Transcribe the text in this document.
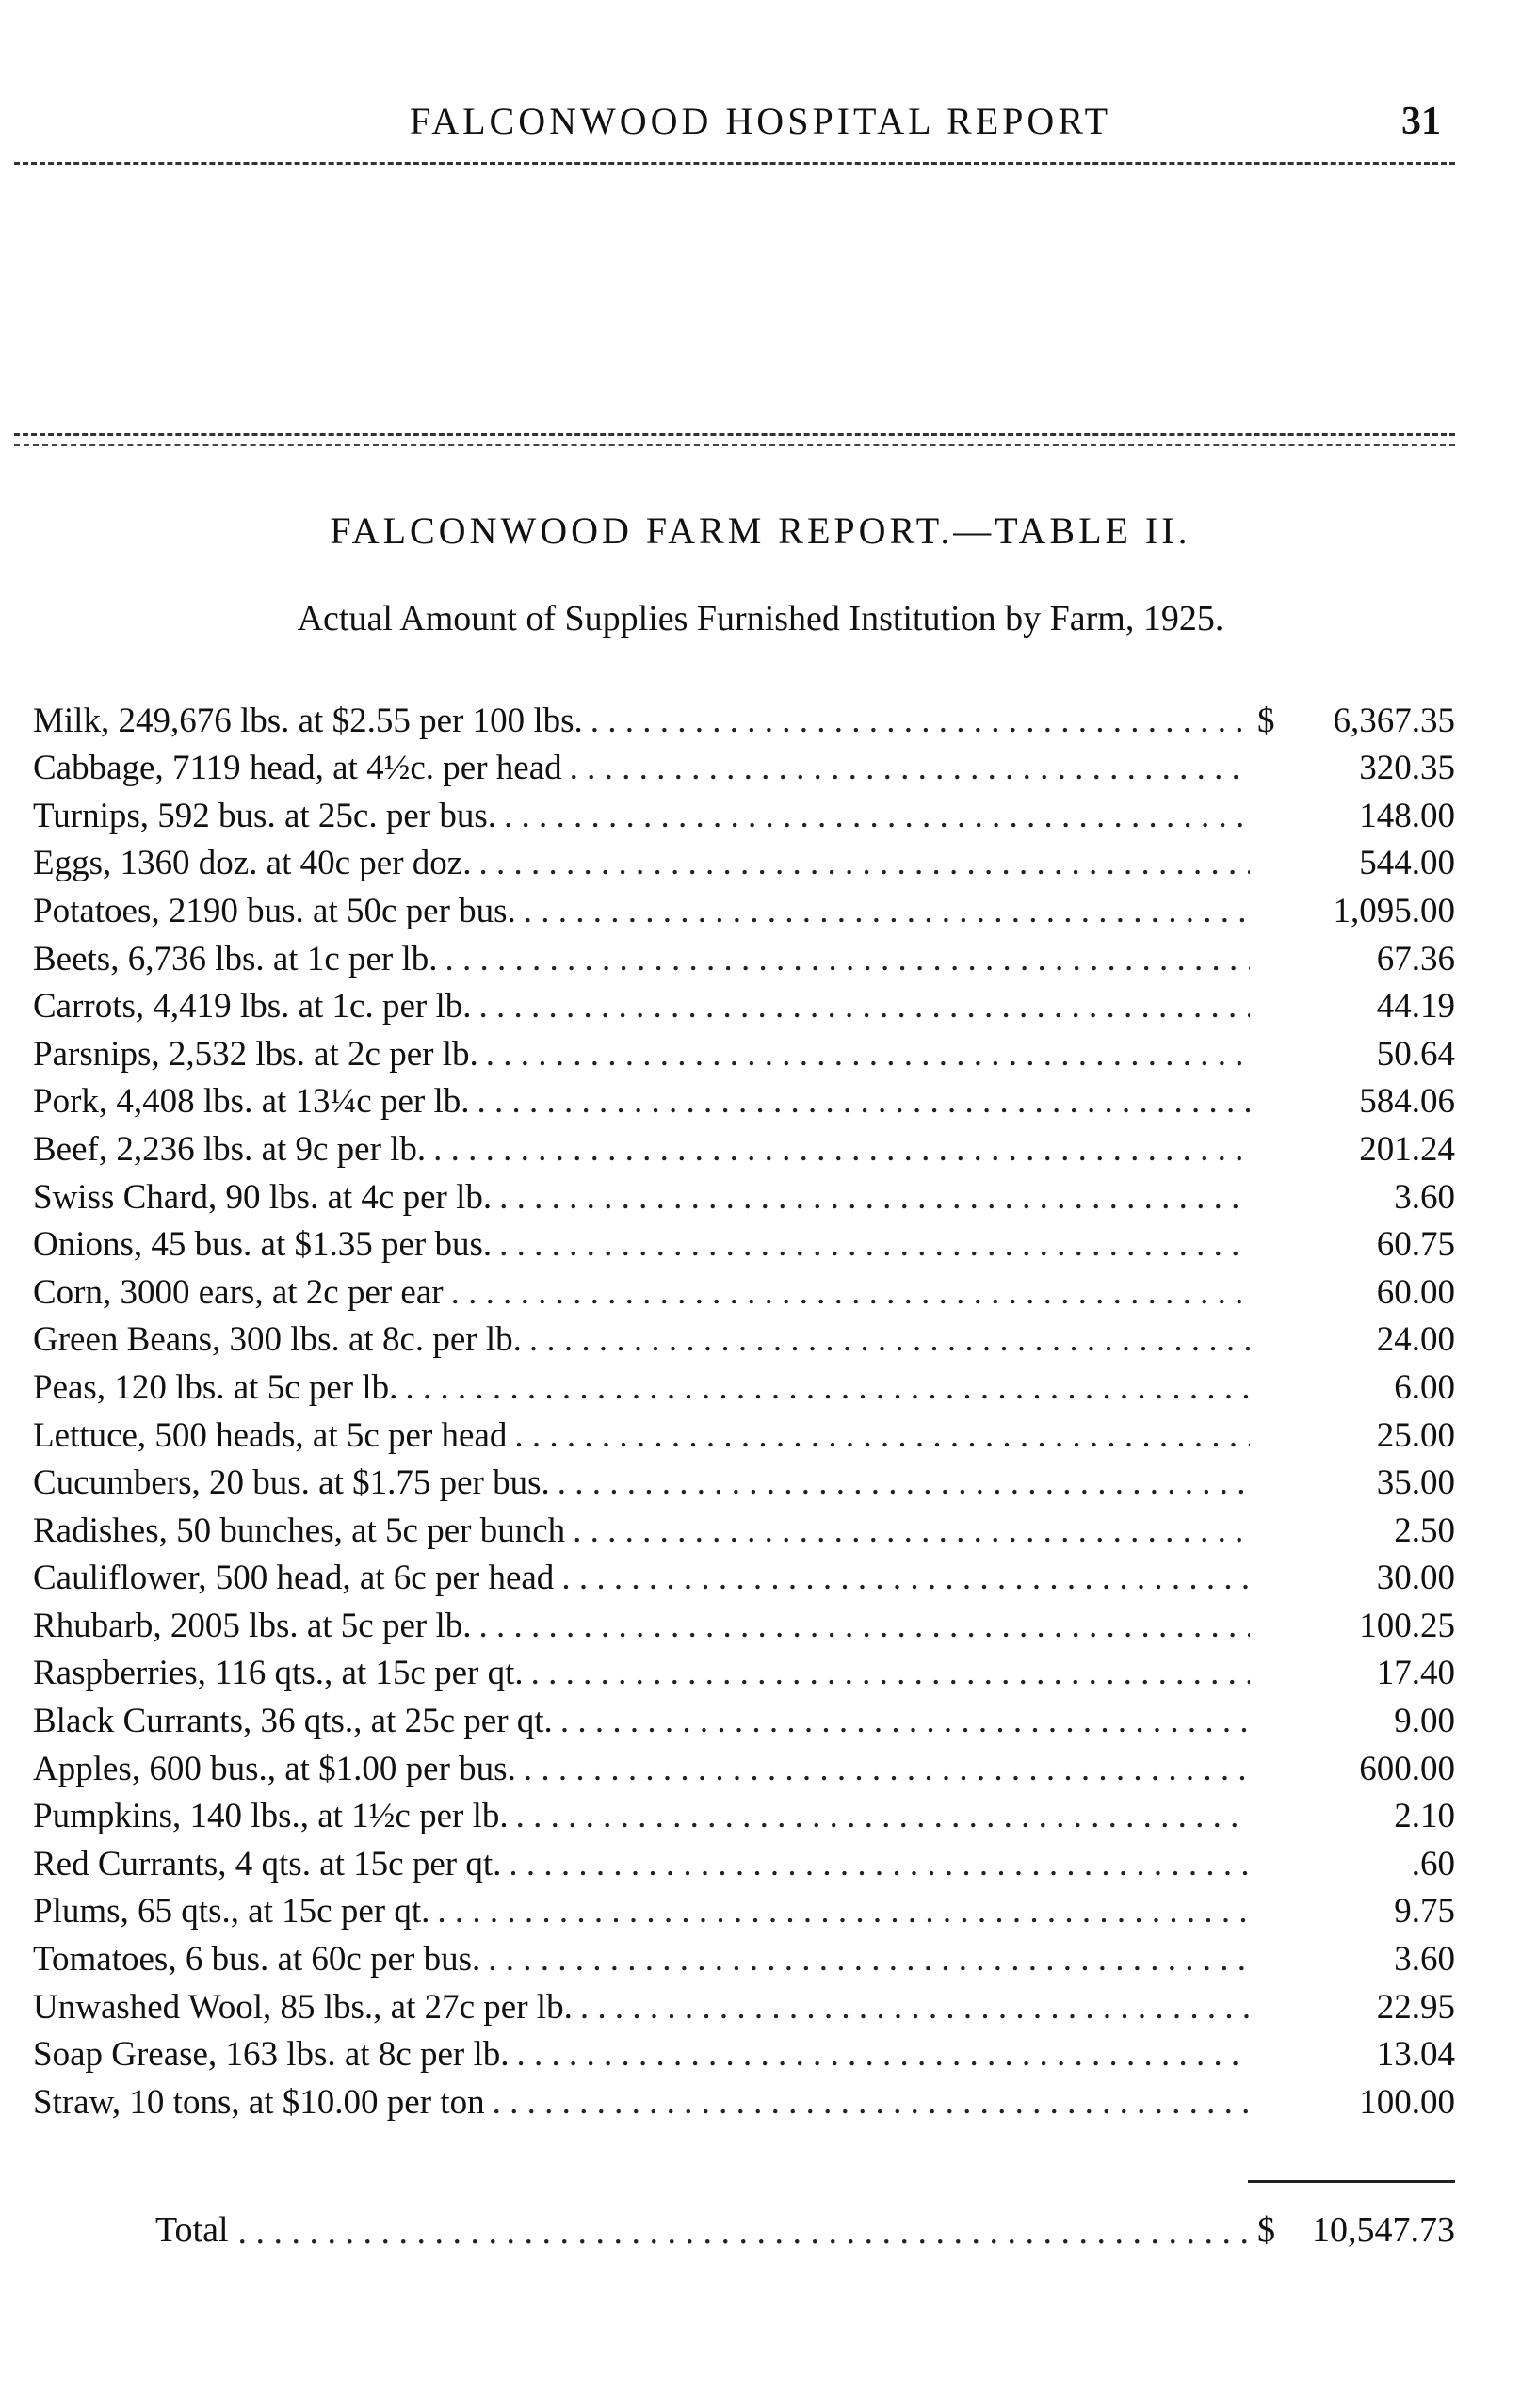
FALCONWOOD HOSPITAL REPORT	31
FALCONWOOD FARM REPORT.—TABLE II.
Actual Amount of Supplies Furnished Institution by Farm, 1925.
Milk, 249,676 lbs. at $2.55 per 100 lbs. . . .	$	6,367.35
Cabbage, 7119 head, at 4½c. per head . . .	320.35
Turnips, 592 bus. at 25c. per bus. . . .	148.00
Eggs, 1360 doz. at 40c per doz. . . .	544.00
Potatoes, 2190 bus. at 50c per bus. . . .	1,095.00
Beets, 6,736 lbs. at 1c per lb. . . .	67.36
Carrots, 4,419 lbs. at 1c. per lb. . . .	44.19
Parsnips, 2,532 lbs. at 2c per lb. . . .	50.64
Pork, 4,408 lbs. at 13¼c per lb. . . .	584.06
Beef, 2,236 lbs. at 9c per lb. . . .	201.24
Swiss Chard, 90 lbs. at 4c per lb. . . .	3.60
Onions, 45 bus. at $1.35 per bus. . . .	60.75
Corn, 3000 ears, at 2c per ear . . .	60.00
Green Beans, 300 lbs. at 8c. per lb. . . .	24.00
Peas, 120 lbs. at 5c per lb. . . .	6.00
Lettuce, 500 heads, at 5c per head . . .	25.00
Cucumbers, 20 bus. at $1.75 per bus. . . .	35.00
Radishes, 50 bunches, at 5c per bunch . . .	2.50
Cauliflower, 500 head, at 6c per head . . .	30.00
Rhubarb, 2005 lbs. at 5c per lb. . . .	100.25
Raspberries, 116 qts., at 15c per qt. . . .	17.40
Black Currants, 36 qts., at 25c per qt. . . .	9.00
Apples, 600 bus., at $1.00 per bus. . . .	600.00
Pumpkins, 140 lbs., at 1½c per lb. . . .	2.10
Red Currants, 4 qts. at 15c per qt. . . .	.60
Plums, 65 qts., at 15c per qt. . . .	9.75
Tomatoes, 6 bus. at 60c per bus. . . .	3.60
Unwashed Wool, 85 lbs., at 27c per lb. . . .	22.95
Soap Grease, 163 lbs. at 8c per lb. . . .	13.04
Straw, 10 tons, at $10.00 per ton . . .	100.00
Total . . .	$	10,547.73
